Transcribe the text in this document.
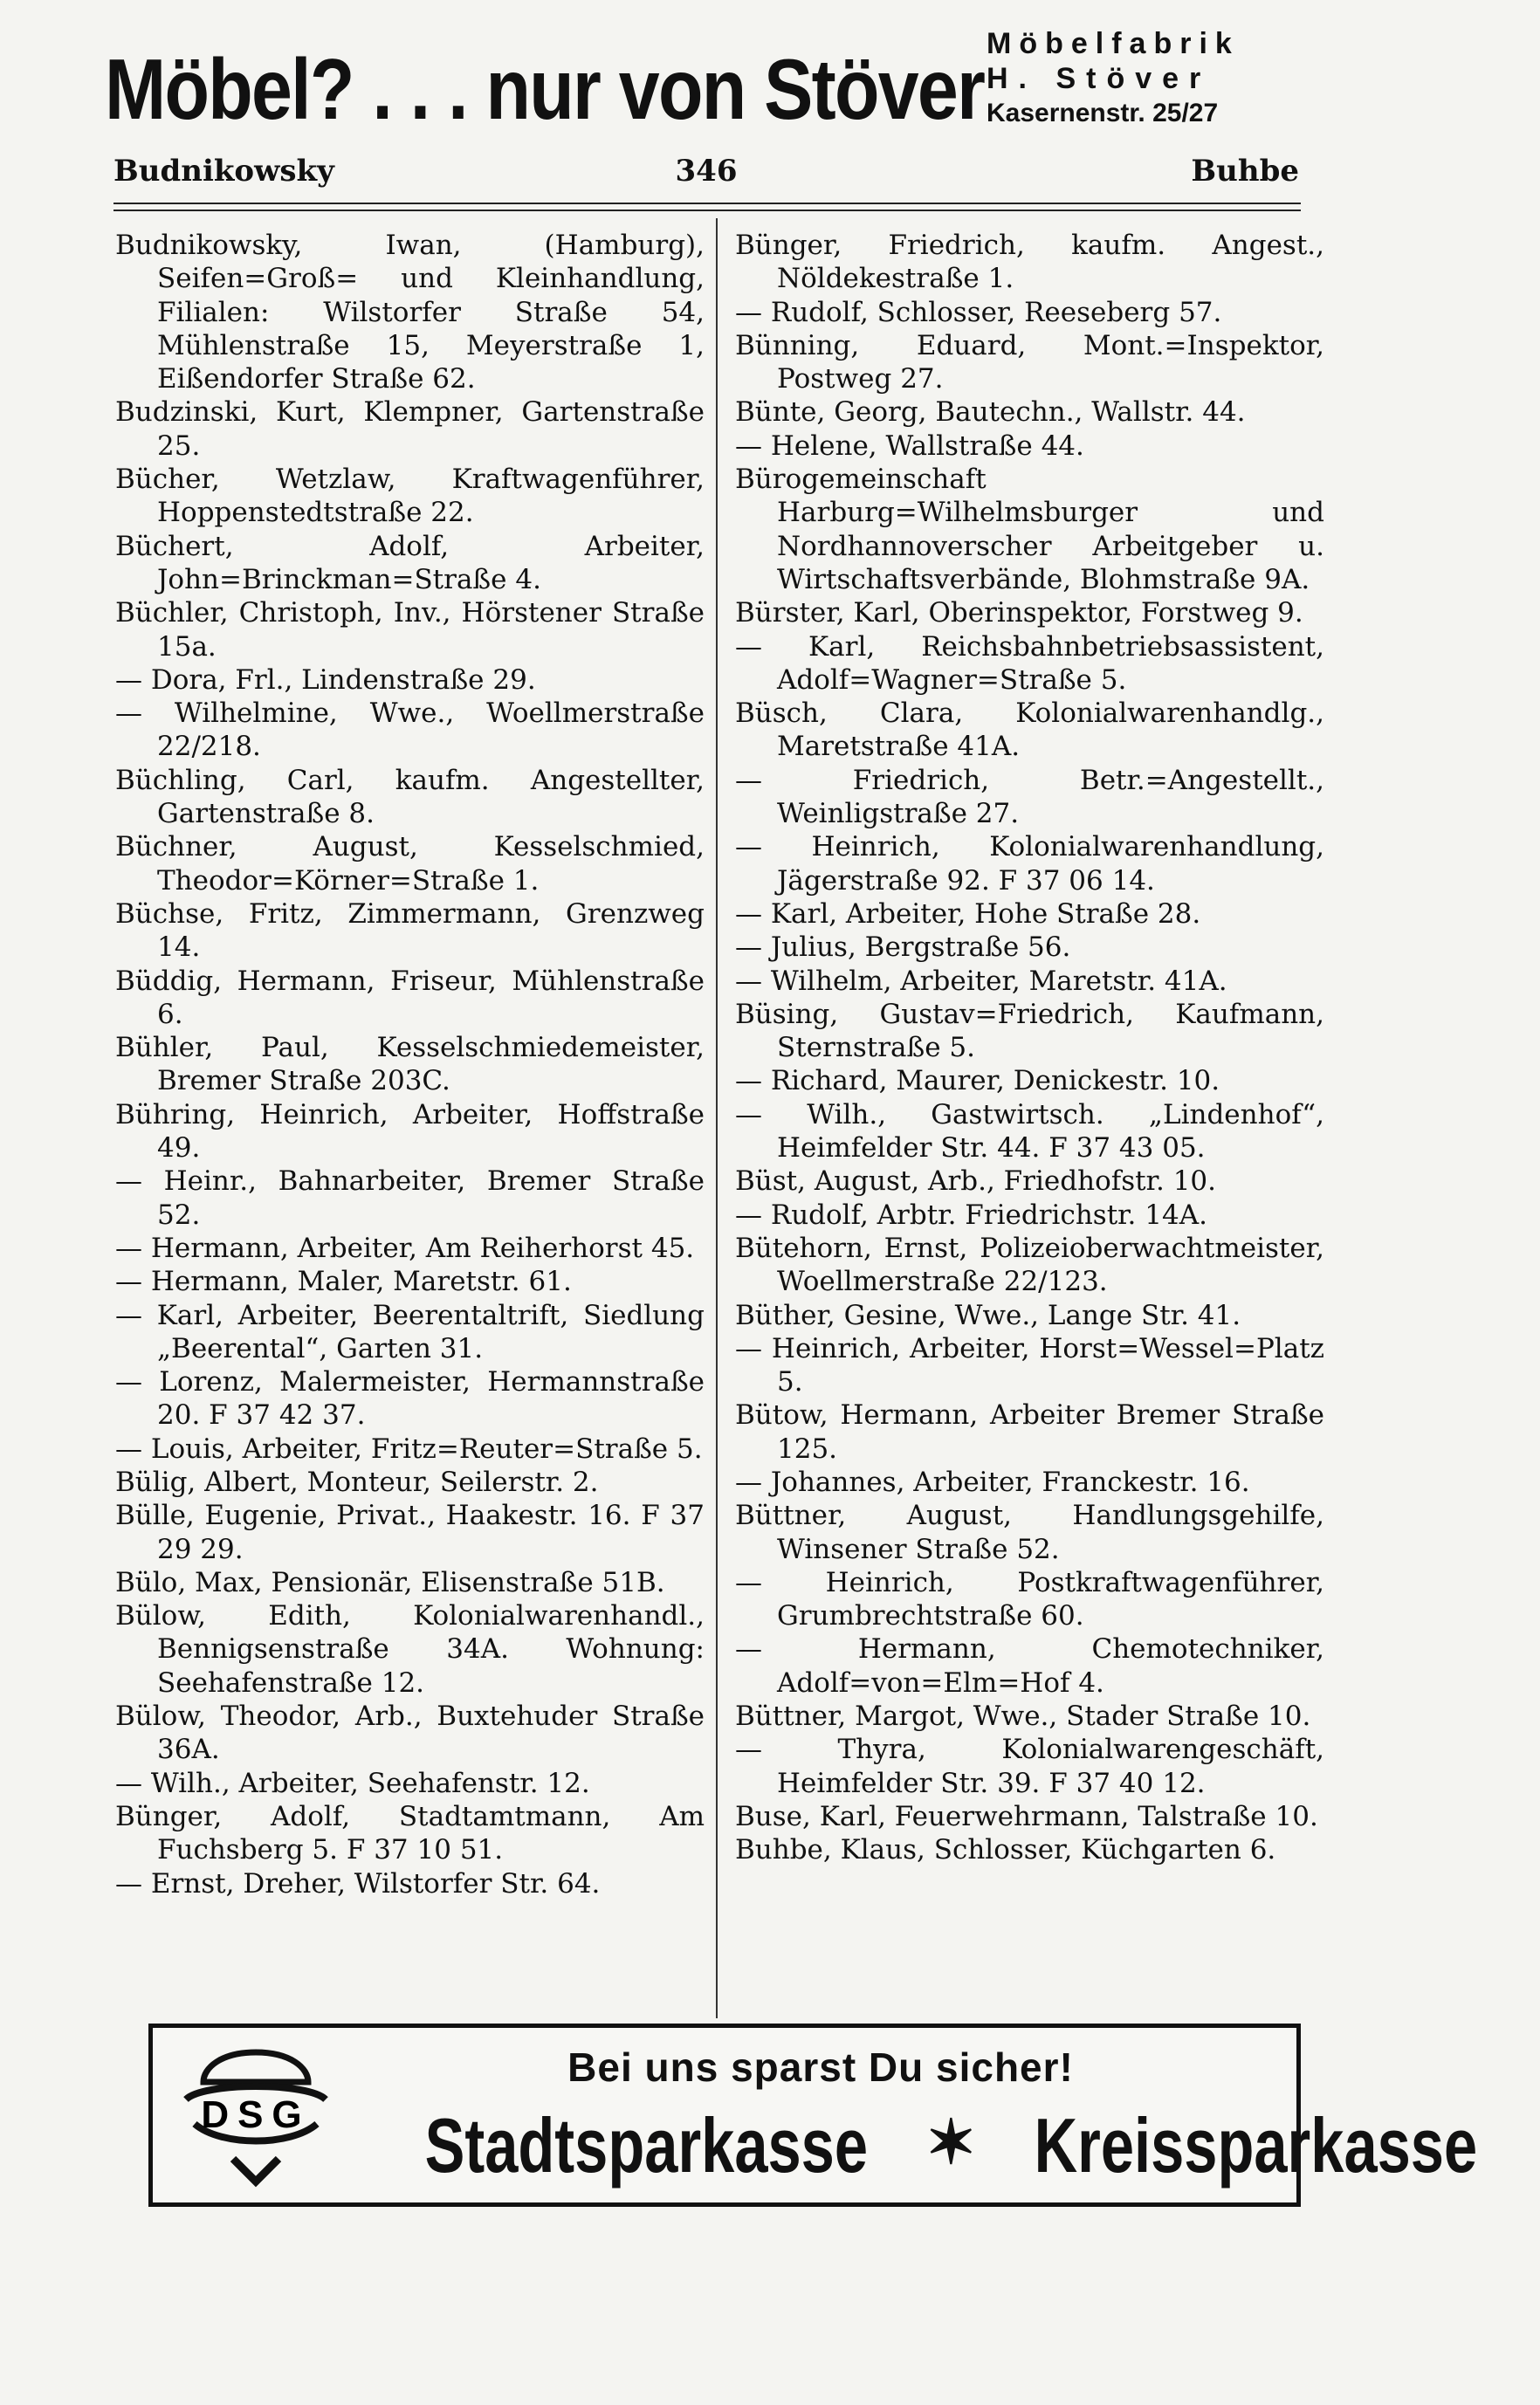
Möbel? . . . nur von Stöver Möbelfabrik
H. Stöver
Kasernenstr. 25/27
Budnikowsky	346	Buhbe

Budnikowsky, Iwan, (Hamburg), Seifen=Groß= und Kleinhandlung, Filialen: Wilstorfer Straße 54, Mühlenstraße 15, Meyerstraße 1, Eißendorfer Straße 62.

Budzinski, Kurt, Klempner, Gartenstraße 25.

Bücher, Wetzlaw, Kraftwagenführer, Hoppenstedtstraße 22.

Büchert, Adolf, Arbeiter, John=Brinckman=Straße 4.

Büchler, Christoph, Inv., Hörstener Straße 15a.

— Dora, Frl., Lindenstraße 29.

— Wilhelmine, Wwe., Woellmerstraße 22/218.

Büchling, Carl, kaufm. Angestellter, Gartenstraße 8.

Büchner, August, Kesselschmied, Theodor=Körner=Straße 1.

Büchse, Fritz, Zimmermann, Grenzweg 14.

Büddig, Hermann, Friseur, Mühlenstraße 6.

Bühler, Paul, Kesselschmiedemeister, Bremer Straße 203C.

Bühring, Heinrich, Arbeiter, Hoffstraße 49.

— Heinr., Bahnarbeiter, Bremer Straße 52.

— Hermann, Arbeiter, Am Reiherhorst 45.

— Hermann, Maler, Maretstr. 61.

— Karl, Arbeiter, Beerentaltrift, Siedlung „Beerental“, Garten 31.

— Lorenz, Malermeister, Hermannstraße 20. F 37 42 37.

— Louis, Arbeiter, Fritz=Reuter=Straße 5.

Bülig, Albert, Monteur, Seilerstr. 2.

Bülle, Eugenie, Privat., Haakestr. 16. F 37 29 29.

Bülo, Max, Pensionär, Elisenstraße 51B.

Bülow, Edith, Kolonialwarenhandl., Bennigsenstraße 34A. Wohnung: Seehafenstraße 12.

Bülow, Theodor, Arb., Buxtehuder Straße 36A.

— Wilh., Arbeiter, Seehafenstr. 12.

Bünger, Adolf, Stadtamtmann, Am Fuchsberg 5. F 37 10 51.

— Ernst, Dreher, Wilstorfer Str. 64.

Bünger, Friedrich, kaufm. Angest., Nöldekestraße 1.

— Rudolf, Schlosser, Reeseberg 57.

Bünning, Eduard, Mont.=Inspektor, Postweg 27.

Bünte, Georg, Bautechn., Wallstr. 44.

— Helene, Wallstraße 44.

Bürogemeinschaft Harburg=Wilhelmsburger und Nordhannoverscher Arbeitgeber u. Wirtschaftsverbände, Blohmstraße 9A.

Bürster, Karl, Oberinspektor, Forstweg 9.

— Karl, Reichsbahnbetriebsassistent, Adolf=Wagner=Straße 5.

Büsch, Clara, Kolonialwarenhandlg., Maretstraße 41A.

— Friedrich, Betr.=Angestellt., Weinligstraße 27.

— Heinrich, Kolonialwarenhandlung, Jägerstraße 92. F 37 06 14.

— Karl, Arbeiter, Hohe Straße 28.

— Julius, Bergstraße 56.

— Wilhelm, Arbeiter, Maretstr. 41A.

Büsing, Gustav=Friedrich, Kaufmann, Sternstraße 5.

— Richard, Maurer, Denickestr. 10.

— Wilh., Gastwirtsch. „Lindenhof“, Heimfelder Str. 44. F 37 43 05.

Büst, August, Arb., Friedhofstr. 10.

— Rudolf, Arbtr. Friedrichstr. 14A.

Bütehorn, Ernst, Polizeioberwachtmeister, Woellmerstraße 22/123.

Büther, Gesine, Wwe., Lange Str. 41.

— Heinrich, Arbeiter, Horst=Wessel=Platz 5.

Bütow, Hermann, Arbeiter Bremer Straße 125.

— Johannes, Arbeiter, Franckestr. 16.

Büttner, August, Handlungsgehilfe, Winsener Straße 52.

— Heinrich, Postkraftwagenführer, Grumbrechtstraße 60.

— Hermann, Chemotechniker, Adolf=von=Elm=Hof 4.

Büttner, Margot, Wwe., Stader Straße 10.

— Thyra, Kolonialwarengeschäft, Heimfelder Str. 39. F 37 40 12.

Buse, Karl, Feuerwehrmann, Talstraße 10.

Buhbe, Klaus, Schlosser, Küchgarten 6.

DSG
Bei uns sparst Du sicher!
Stadtsparkasse ✶ Kreissparkasse
